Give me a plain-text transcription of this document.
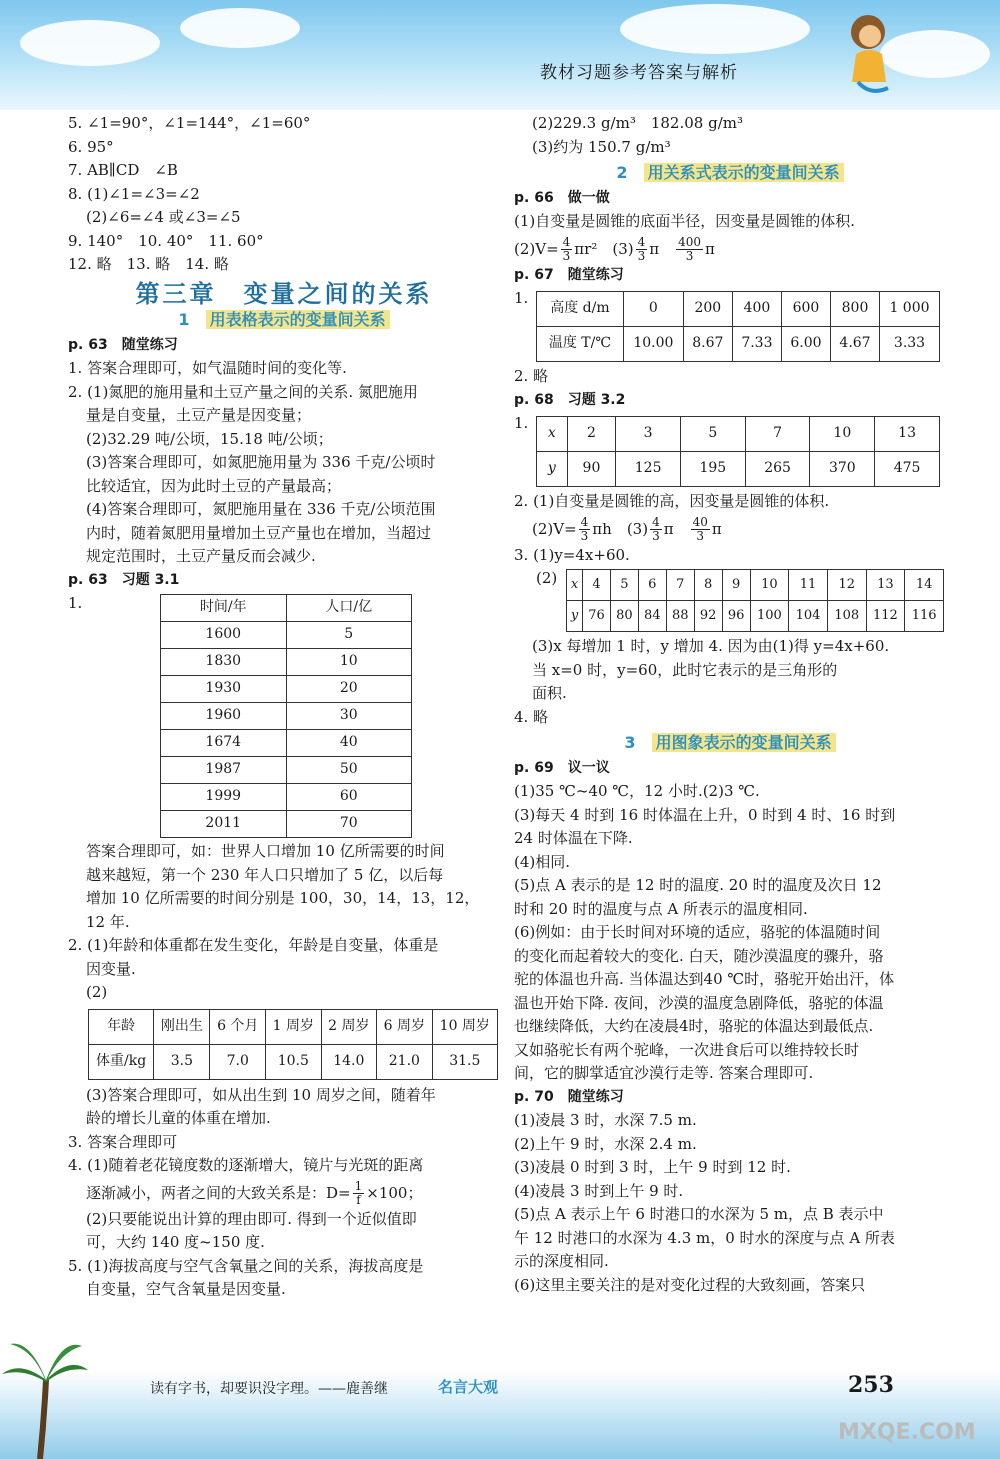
教材习题参考答案与解析
5. ∠1=90°，∠1=144°，∠1=60°
6. 95°
7. AB∥CD　∠B
8. (1)∠1=∠3=∠2
(2)∠6=∠4 或∠3=∠5
9. 140°　10. 40°　11. 60°
12. 略　13. 略　14. 略
第三章　变量之间的关系
1　 用表格表示的变量间关系
p. 63　随堂练习
1. 答案合理即可，如气温随时间的变化等.
2. (1)氮肥的施用量和土豆产量之间的关系. 氮肥施用
量是自变量，土豆产量是因变量；
(2)32.29 吨/公顷，15.18 吨/公顷；
(3)答案合理即可，如氮肥施用量为 336 千克/公顷时
比较适宜，因为此时土豆的产量最高；
(4)答案合理即可，氮肥施用量在 336 千克/公顷范围
内时，随着氮肥用量增加土豆产量也在增加，当超过
规定范围时，土豆产量反而会减少.
p. 63　习题 3.1
1.	时间/年	人口/亿
1600	5
1830	10
1930	20
1960	30
1674	40
1987	50
1999	60
2011	70
答案合理即可，如：世界人口增加 10 亿所需要的时间
越来越短，第一个 230 年人口只增加了 5 亿，以后每
增加 10 亿所需要的时间分别是 100，30，14，13，12，
12 年.
2. (1)年龄和体重都在发生变化，年龄是自变量，体重是
因变量.
(2)
年龄	刚出生	6 个月	1 周岁	2 周岁	6 周岁	10 周岁
体重/kg	3.5	7.0	10.5	14.0	21.0	31.5
(3)答案合理即可，如从出生到 10 周岁之间，随着年
龄的增长儿童的体重在增加.
3. 答案合理即可
4. (1)随着老花镜度数的逐渐增大，镜片与光斑的距离
逐渐减小，两者之间的大致关系是：$D= \frac{1}{f} \times 100$；
(2)只要能说出计算的理由即可. 得到一个近似值即
可，大约 140 度~150 度.
5. (1)海拔高度与空气含氧量之间的关系，海拔高度是
自变量，空气含氧量是因变量.
(2)229.3 g/m³　182.08 g/m³
(3)约为 150.7 g/m³
2　 用关系式表示的变量间关系
p. 66　做一做
(1)自变量是圆锥的底面半径，因变量是圆锥的体积.
$(2)V= \frac{4}{3} \pi r^2$　$(3) \frac{4}{3}$ π　 $\frac{400}{3}$ π
p. 67　随堂练习
1.
高度 d/m	0	200	400	600	800	1 000
温度 T/℃	10.00	8.67	7.33	6.00	4.67	3.33
2. 略
p. 68　习题 3.2
1.
x	2	3	5	7	10	13
y	90	125	195	265	370	475
2. (1)自变量是圆锥的高，因变量是圆锥的体积.
$(2)V= \frac{4}{3}$ πh　$(3) \frac{4}{3}$ π　 $\frac{40}{3}$ π
3. (1)y=4x+60.
(2) x	4	5	6	7	8	9	10	11	12	13	14
y	76	80	84	88	92	96	100	104	108	112	116
(3)x 每增加 1 时，y 增加 4. 因为由(1)得 y=4x+60.
当 x=0 时，y=60，此时它表示的是三角形的
面积.
4. 略
3　 用图象表示的变量间关系
p. 69　议一议
(1)35 ℃~40 ℃，12 小时.(2)3 ℃.
(3)每天 4 时到 16 时体温在上升，0 时到 4 时、16 时到
24 时体温在下降.
(4)相同.
(5)点 A 表示的是 12 时的温度. 20 时的温度及次日 12
时和 20 时的温度与点 A 所表示的温度相同.
(6)例如：由于长时间对环境的适应，骆驼的体温随时间
的变化而起着较大的变化. 白天，随沙漠温度的骤升，骆
驼的体温也升高. 当体温达到40 ℃时，骆驼开始出汗，体
温也开始下降. 夜间，沙漠的温度急剧降低，骆驼的体温
也继续降低，大约在凌晨4时，骆驼的体温达到最低点.
又如骆驼长有两个驼峰，一次进食后可以维持较长时
间，它的脚掌适宜沙漠行走等. 答案合理即可.
p. 70　随堂练习
(1)凌晨 3 时，水深 7.5 m.
(2)上午 9 时，水深 2.4 m.
(3)凌晨 0 时到 3 时，上午 9 时到 12 时.
(4)凌晨 3 时到上午 9 时.
(5)点 A 表示上午 6 时港口的水深为 5 m，点 B 表示中
午 12 时港口的水深为 4.3 m，0 时水的深度与点 A 所表
示的深度相同.
(6)这里主要关注的是对变化过程的大致刻画，答案只
读有字书，却要识没字理。——鹿善继	名言大观	253
MXQE.COM
